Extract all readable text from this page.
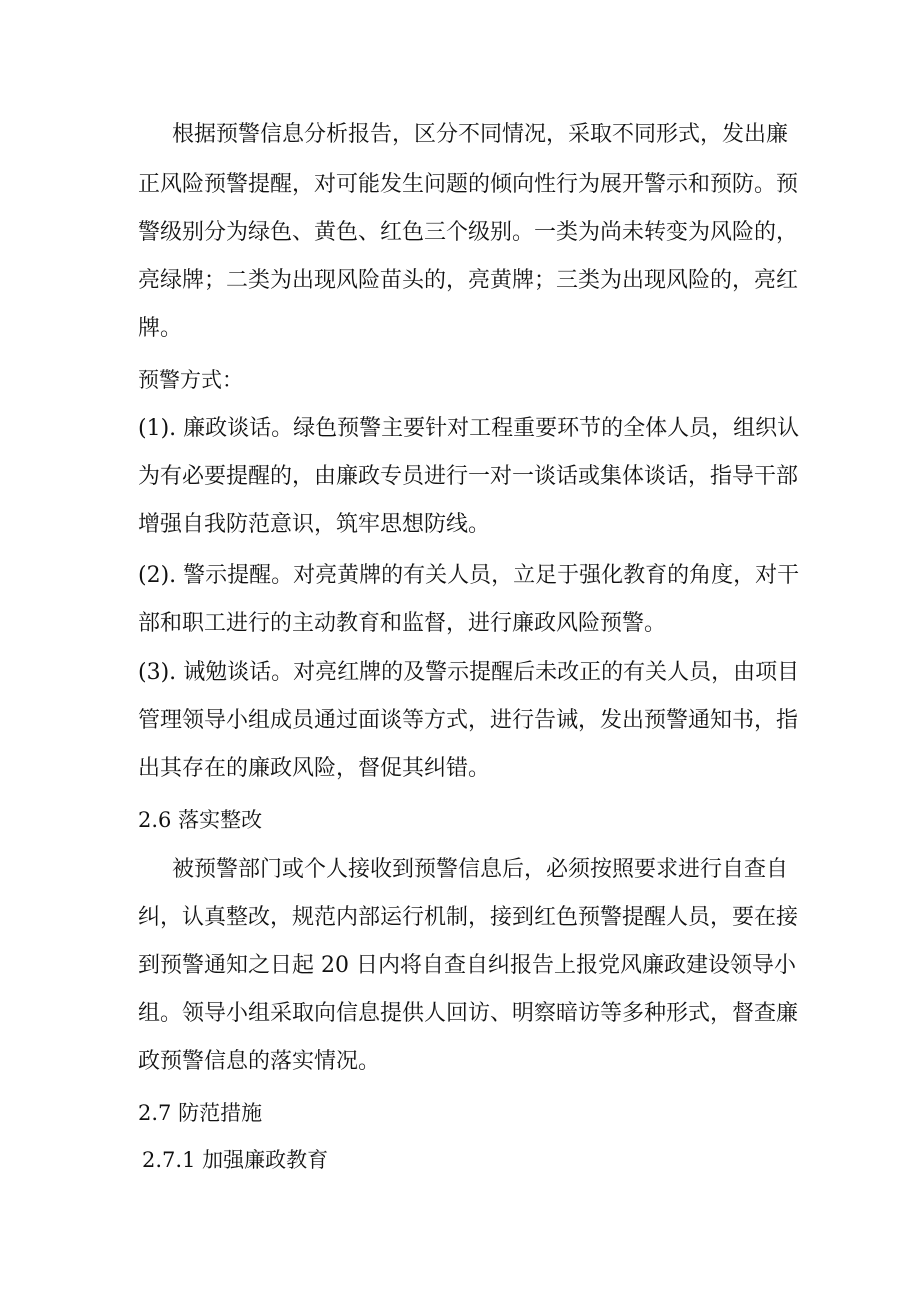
根据预警信息分析报告，区分不同情况，采取不同形式，发出廉
正风险预警提醒，对可能发生问题的倾向性行为展开警示和预防。预
警级别分为绿色、黄色、红色三个级别。一类为尚未转变为风险的，
亮绿牌；二类为出现风险苗头的，亮黄牌；三类为出现风险的，亮红
牌。
预警方式：
(1). 廉政谈话。绿色预警主要针对工程重要环节的全体人员，组织认
为有必要提醒的，由廉政专员进行一对一谈话或集体谈话，指导干部
增强自我防范意识，筑牢思想防线。
(2). 警示提醒。对亮黄牌的有关人员，立足于强化教育的角度，对干
部和职工进行的主动教育和监督，进行廉政风险预警。
(3). 诫勉谈话。对亮红牌的及警示提醒后未改正的有关人员，由项目
管理领导小组成员通过面谈等方式，进行告诫，发出预警通知书，指
出其存在的廉政风险，督促其纠错。
2.6 落实整改
被预警部门或个人接收到预警信息后，必须按照要求进行自查自
纠，认真整改，规范内部运行机制，接到红色预警提醒人员，要在接
到预警通知之日起 20 日内将自查自纠报告上报党风廉政建设领导小
组。领导小组采取向信息提供人回访、明察暗访等多种形式，督查廉
政预警信息的落实情况。
2.7 防范措施
2.7.1 加强廉政教育
